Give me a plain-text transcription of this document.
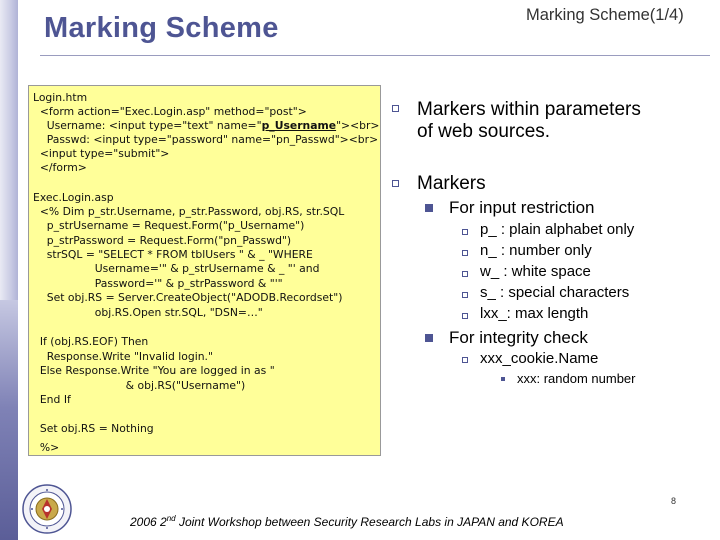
Marking Scheme	Marking Scheme(1/4)
Login.htm
<form action="Exec.Login.asp" method="post">
Username: <input type="text" name="p_Username"><br>
Passwd: <input type="password" name="pn_Passwd"><br>
<input type="submit">
</form>
Exec.Login.asp
<% Dim p_str.Username, p_str.Password, obj.RS, str.SQL
p_strUsername = Request.Form("p_Username")
p_strPassword = Request.Form("pn_Passwd")
strSQL = "SELECT * FROM tblUsers " & _ "WHERE
Username='" & p_strUsername & _ "' and
Password='" & p_strPassword & "'"
Set obj.RS = Server.CreateObject("ADODB.Recordset")
obj.RS.Open str.SQL, "DSN=…"
If (obj.RS.EOF) Then
Response.Write "Invalid login."
Else Response.Write "You are logged in as "
& obj.RS("Username")
End If
Set obj.RS = Nothing
%>
Markers within parameters
of web sources.
Markers
For input restriction
p_ : plain alphabet only
n_ : number only
w_ : white space
s_ : special characters
lxx_: max length
For integrity check
xxx_cookie.Name
xxx: random number
8
2006 2nd Joint Workshop between Security Research Labs in JAPAN and KOREA
